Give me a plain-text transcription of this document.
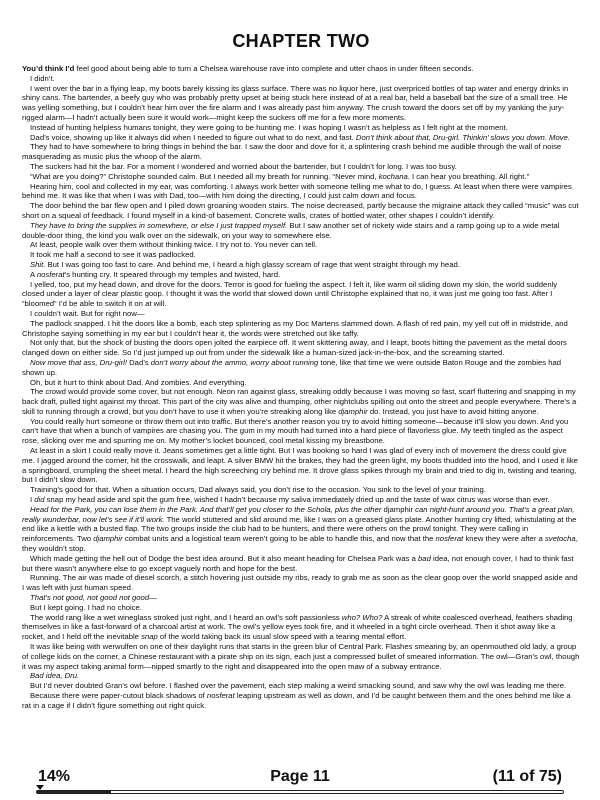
CHAPTER TWO

You’d think I’d feel good about being able to turn a Chelsea warehouse rave into complete and utter chaos in under fifteen seconds.

I didn’t.

I went over the bar in a flying leap, my boots barely kissing its glass surface. There was no liquor here, just overpriced bottles of tap water and energy drinks in shiny cans. The bartender, a beefy guy who was probably pretty upset at being stuck here instead of at a real bar, held a baseball bat the size of a small tree. He was yelling something, but I couldn’t hear him over the fire alarm and I was already past him anyway. The crush toward the doors set off by my yanking the jury-rigged alarm—I hadn’t actually been sure it would work—might keep the suckers off me for a few more moments.

Instead of hunting helpless humans tonight, they were going to be hunting me. I was hoping I wasn’t as helpless as I felt right at the moment.

Dad’s voice, showing up like it always did when I needed to figure out what to do next, and fast. Don’t think about that, Dru-girl. Thinkin’ slows you down. Move.

They had to have somewhere to bring things in behind the bar. I saw the door and dove for it, a splintering crash behind me audible through the wall of noise masquerading as music plus the whoop of the alarm.

The suckers had hit the bar. For a moment I wondered and worried about the bartender, but I couldn’t for long. I was too busy.

“What are you doing?” Christophe sounded calm. But I needed all my breath for running. “Never mind, kochana. I can hear you breathing. All right.”

Hearing him, cool and collected in my ear, was comforting. I always work better with someone telling me what to do, I guess. At least when there were vampires behind me. It was like that when I was with Dad, too—with him doing the directing, I could just calm down and focus.

The door behind the bar flew open and I piled down groaning wooden stairs. The noise decreased, partly because the migraine attack they called “music” was cut short on a squeal of feedback. I found myself in a kind-of basement. Concrete walls, crates of bottled water, other shapes I couldn’t identify.

They have to bring the supplies in somewhere, or else I just trapped myself. But I saw another set of rickety wide stairs and a ramp going up to a wide metal double-door thing, the kind you walk over on the sidewalk, on your way to somewhere else.

At least, people walk over them without thinking twice. I try not to. You never can tell.

It took me half a second to see it was padlocked.

Shit. But I was going too fast to care. And behind me, I heard a high glassy scream of rage that went straight through my head.

A nosferat’s hunting cry. It speared through my temples and twisted, hard.

I yelled, too, put my head down, and drove for the doors. Terror is good for fueling the aspect. I felt it, like warm oil sliding down my skin, the world suddenly closed under a layer of clear plastic goop. I thought it was the world that slowed down until Christophe explained that no, it was just me going too fast. After I “bloomed” I’d be able to switch it on at will.

I couldn’t wait. But for right now—

The padlock snapped. I hit the doors like a bomb, each step splintering as my Doc Martens slammed down. A flash of red pain, my yell cut off in midstride, and Christophe saying something in my ear but I couldn’t hear it, the words were stretched out like taffy.

Not only that, but the shock of busting the doors open jolted the earpiece off. It went skittering away, and I leapt, boots hitting the pavement as the metal doors clanged down on either side. So I’d just jumped up out from under the sidewalk like a human-sized jack-in-the-box, and the screaming started.

Now move that ass, Dru-girl! Dad’s don’t worry about the ammo, worry about running tone, like that time we were outside Baton Rouge and the zombies had shown up.

Oh, but it hurt to think about Dad. And zombies. And everything.

The crowd would provide some cover, but not enough. Neon ran against glass, streaking oddly because I was moving so fast, scarf fluttering and snapping in my back draft, pulled tight against my throat. This part of the city was alive and thumping, other nightclubs spilling out onto the street and people everywhere. There’s a skill to running through a crowd, but you don’t have to use it when you’re streaking along like djamphir do. Instead, you just have to avoid hitting anyone.

You could really hurt someone or throw them out into traffic. But there’s another reason you try to avoid hitting someone—because it’ll slow you down. And you can’t have that when a bunch of vampires are chasing you. The gum in my mouth had turned into a hard piece of flavorless glue. My teeth tingled as the aspect rose, slicking over me and spurring me on. My mother’s locket bounced, cool metal kissing my breastbone.

At least in a skirt I could really move it. Jeans sometimes get a little tight. But I was booking so hard I was glad of every inch of movement the dress could give me. I jagged around the corner, hit the crosswalk, and leapt. A silver BMW hit the brakes, they had the green light, my boots thudded into the hood, and I used it like a springboard, crumpling the sheet metal. I heard the high screeching cry behind me. It drove glass spikes through my brain and tried to dig in, twisting and tearing, but I didn’t slow down.

Training’s good for that. When a situation occurs, Dad always said, you don’t rise to the occasion. You sink to the level of your training.

I did snap my head aside and spit the gum free, wished I hadn’t because my saliva immediately dried up and the taste of wax citrus was worse than ever.

Head for the Park, you can lose them in the Park. And that’ll get you closer to the Schola, plus the other djamphir can night-hunt around you. That’s a great plan, really wunderbar, now let’s see if it’ll work. The world stuttered and slid around me, like I was on a greased glass plate. Another hunting cry lifted, whistulating at the end like a kettle with a busted flap. The two groups inside the club had to be hunters, and there were others on the prowl tonight. They were calling in reinforcements. Two djamphir combat units and a logistical team weren’t going to be able to handle this, and now that the nosferat knew they were after a svetocha, they wouldn’t stop.

Which made getting the hell out of Dodge the best idea around. But it also meant heading for Chelsea Park was a bad idea, not enough cover, I had to think fast but there wasn’t anywhere else to go except vaguely north and hope for the best.

Running. The air was made of diesel scorch, a stitch hovering just outside my ribs, ready to grab me as soon as the clear goop over the world snapped aside and I was left with just human speed.

That’s not good, not good not good—

But I kept going. I had no choice.

The world rang like a wet wineglass stroked just right, and I heard an owl’s soft passionless who? Who? A streak of white coalesced overhead, feathers shading themselves in like a fast-forward of a charcoal artist at work. The owl’s yellow eyes took fire, and it wheeled in a tight circle overhead. Then it shot away like a rocket, and I held off the inevitable snap of the world taking back its usual slow speed with a tearing mental effort.

It was like being with werwulfen on one of their daylight runs that starts in the green blur of Central Park. Flashes smearing by, an openmouthed old lady, a group of college kids on the corner, a Chinese restaurant with a pirate ship on its sign, each just a compressed bullet of smeared information. The owl—Gran’s owl, though it was my aspect taking animal form—nipped smartly to the right and disappeared into the open maw of a subway entrance.

Bad idea, Dru.

But I’d never doubted Gran’s owl before. I flashed over the pavement, each step making a weird smacking sound, and saw why the owl was leading me there.

Because there were paper-cutout black shadows of nosferat leaping upstream as well as down, and I’d be caught between them and the ones behind me like a rat in a cage if I didn’t figure something out right quick.

14%	Page 11	(11 of 75)
